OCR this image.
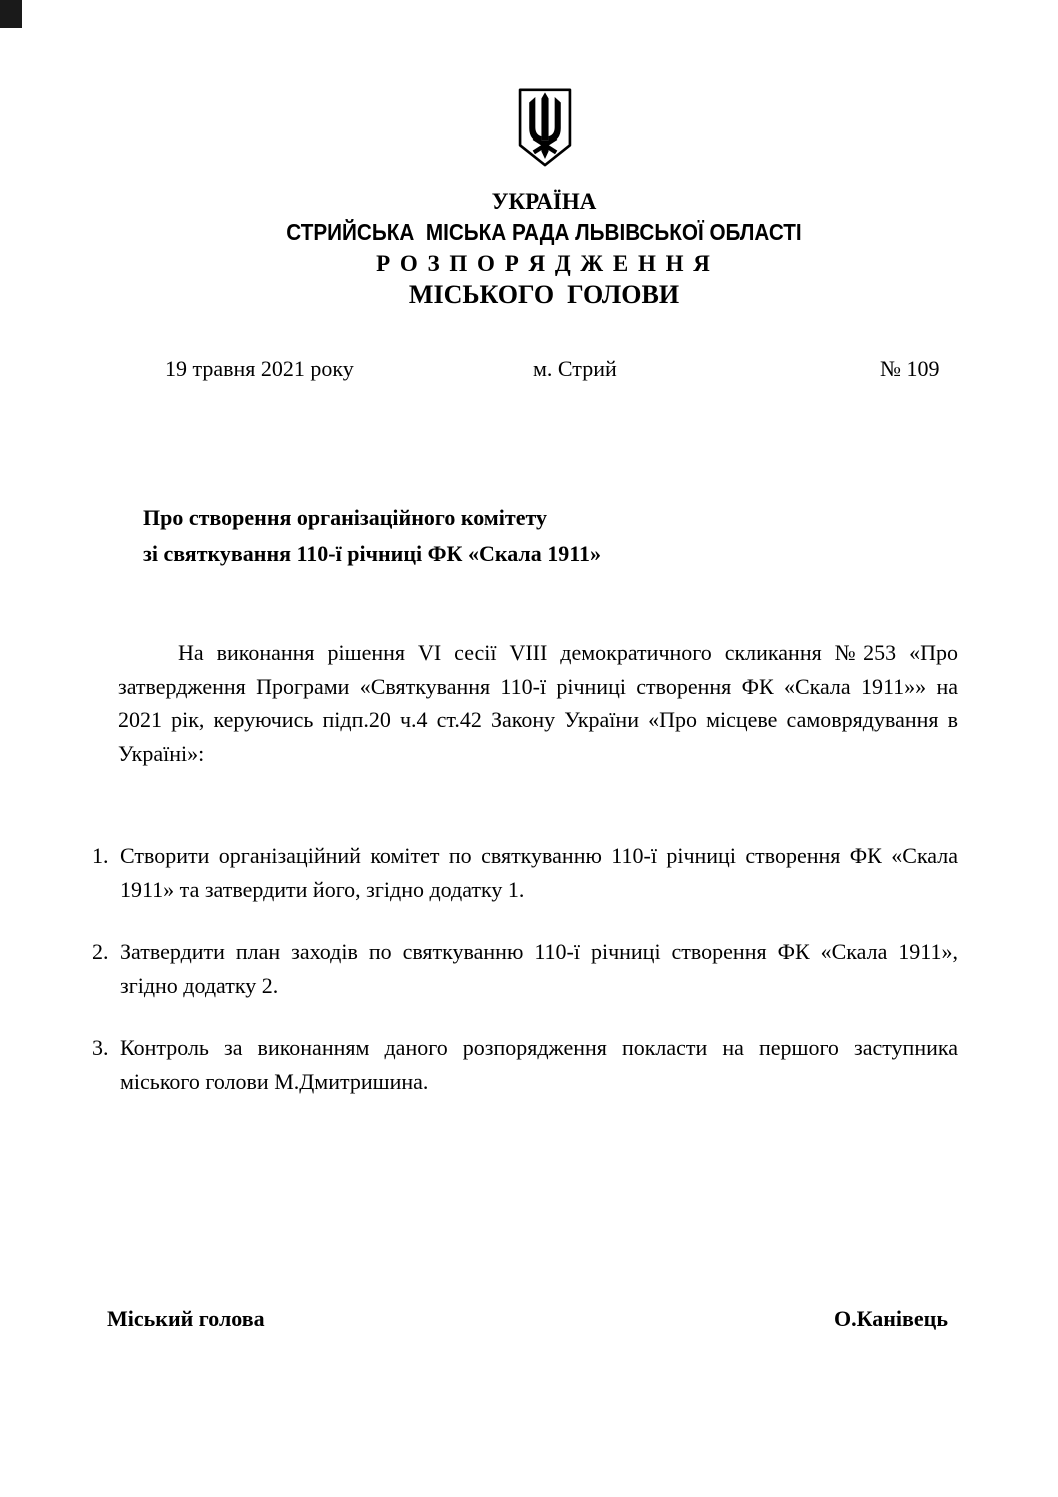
УКРАЇНА
СТРИЙСЬКА  МІСЬКА РАДА ЛЬВІВСЬКОЇ ОБЛАСТІ
Р О З П О Р Я Д Ж Е Н Н Я
МІСЬКОГО  ГОЛОВИ
19 травня 2021 року	м. Стрий	№ 109
Про створення організаційного комітету
зі святкування 110-ї річниці ФК «Скала 1911»
На виконання рішення VI сесії VIII демократичного скликання №253 «Про затвердження Програми «Святкування 110-ї річниці створення ФК «Скала 1911»» на 2021 рік, керуючись підп.20 ч.4 ст.42 Закону України «Про місцеве самоврядування в Україні»:
1. Створити організаційний комітет по святкуванню 110-ї річниці створення ФК «Скала 1911» та затвердити його, згідно додатку 1.
2. Затвердити план заходів по святкуванню 110-ї річниці створення ФК «Скала 1911», згідно додатку 2.
3. Контроль за виконанням даного розпорядження покласти на першого заступника міського голови М.Дмитришина.
Міський голова	О.Канівець
